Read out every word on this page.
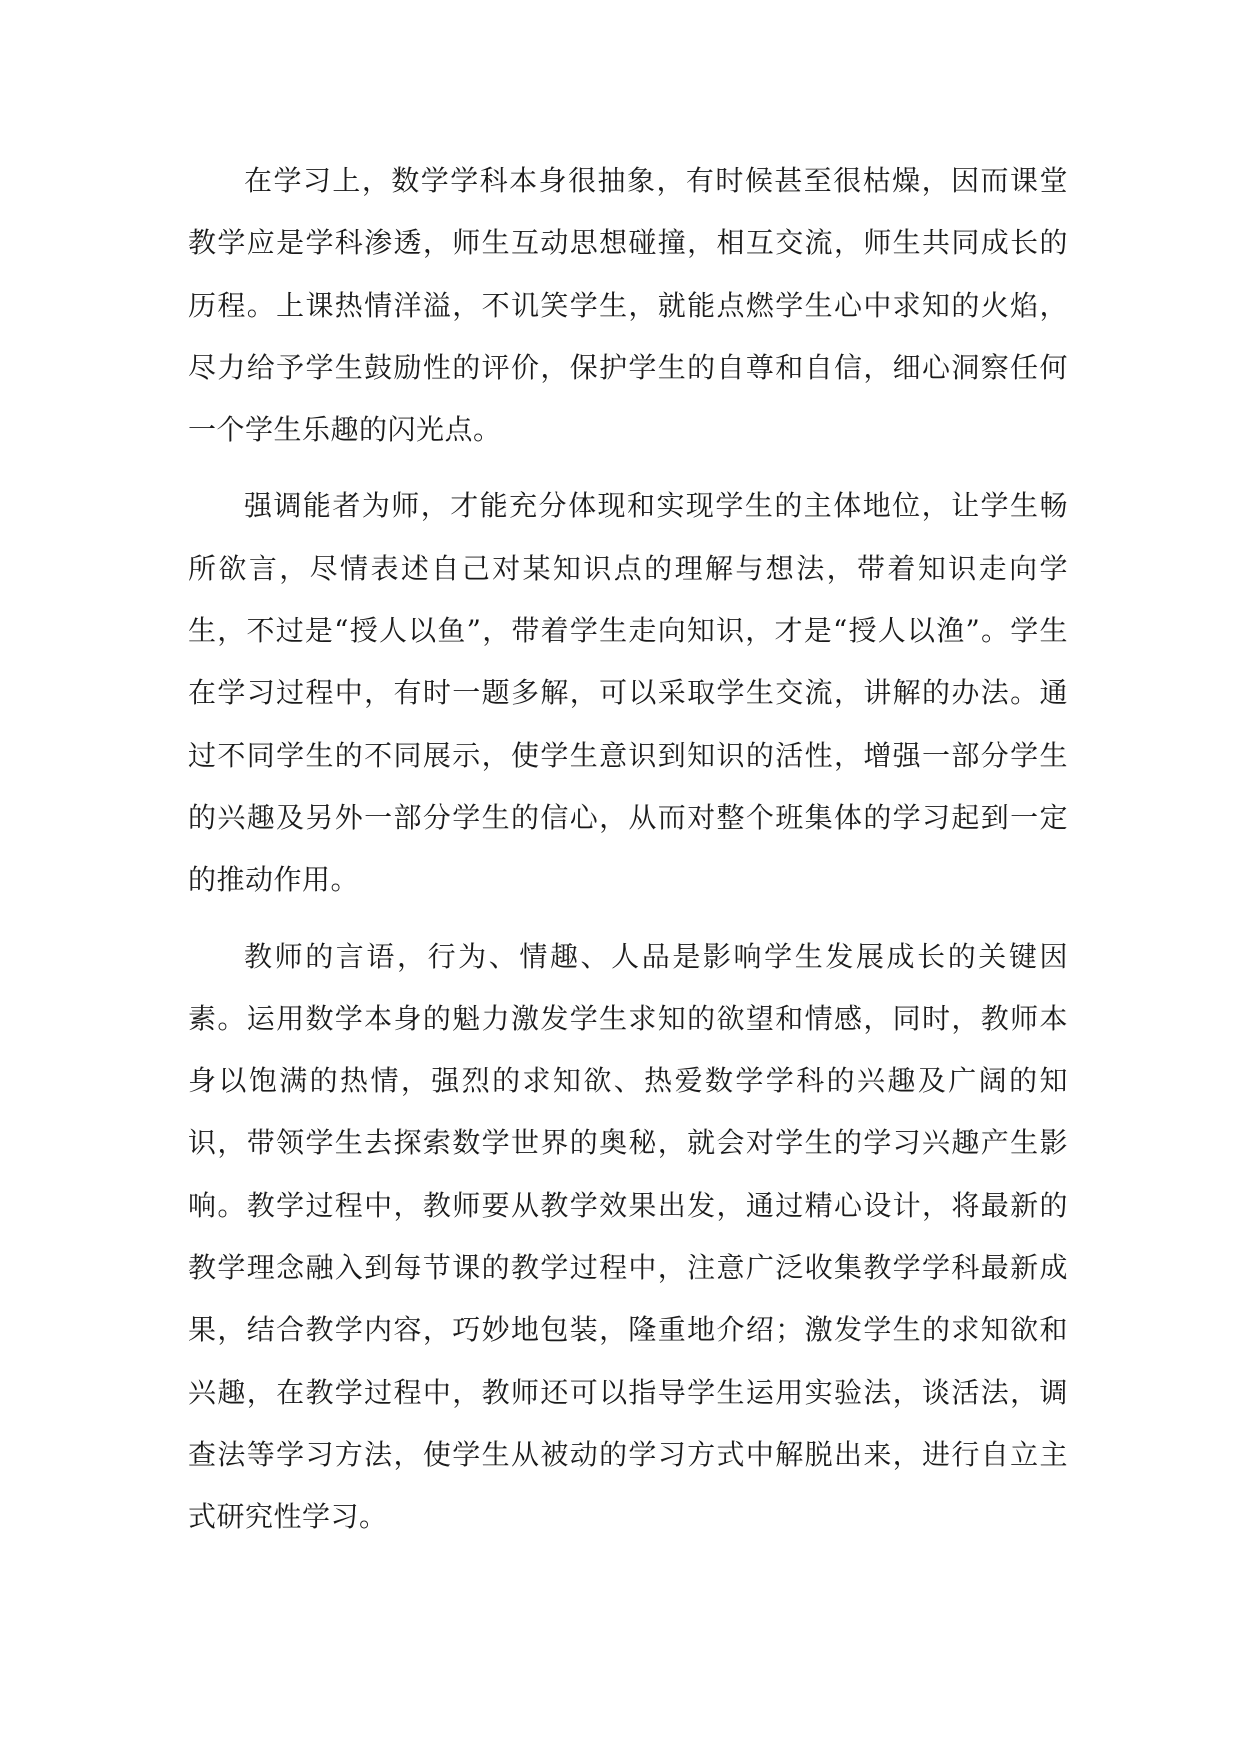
在学习上，数学学科本身很抽象，有时候甚至很枯燥，因而课堂教学应是学科渗透，师生互动思想碰撞，相互交流，师生共同成长的历程。上课热情洋溢，不讥笑学生，就能点燃学生心中求知的火焰，尽力给予学生鼓励性的评价，保护学生的自尊和自信，细心洞察任何一个学生乐趣的闪光点。

强调能者为师，才能充分体现和实现学生的主体地位，让学生畅所欲言，尽情表述自己对某知识点的理解与想法，带着知识走向学生，不过是“授人以鱼”，带着学生走向知识，才是“授人以渔”。学生在学习过程中，有时一题多解，可以采取学生交流，讲解的办法。通过不同学生的不同展示，使学生意识到知识的活性，增强一部分学生的兴趣及另外一部分学生的信心，从而对整个班集体的学习起到一定的推动作用。

教师的言语，行为、情趣、人品是影响学生发展成长的关键因素。运用数学本身的魁力激发学生求知的欲望和情感，同时，教师本身以饱满的热情，强烈的求知欲、热爱数学学科的兴趣及广阔的知识，带领学生去探索数学世界的奥秘，就会对学生的学习兴趣产生影响。教学过程中，教师要从教学效果出发，通过精心设计，将最新的教学理念融入到每节课的教学过程中，注意广泛收集教学学科最新成果，结合教学内容，巧妙地包装，隆重地介绍；激发学生的求知欲和兴趣，在教学过程中，教师还可以指导学生运用实验法，谈活法，调查法等学习方法，使学生从被动的学习方式中解脱出来，进行自立主式研究性学习。
